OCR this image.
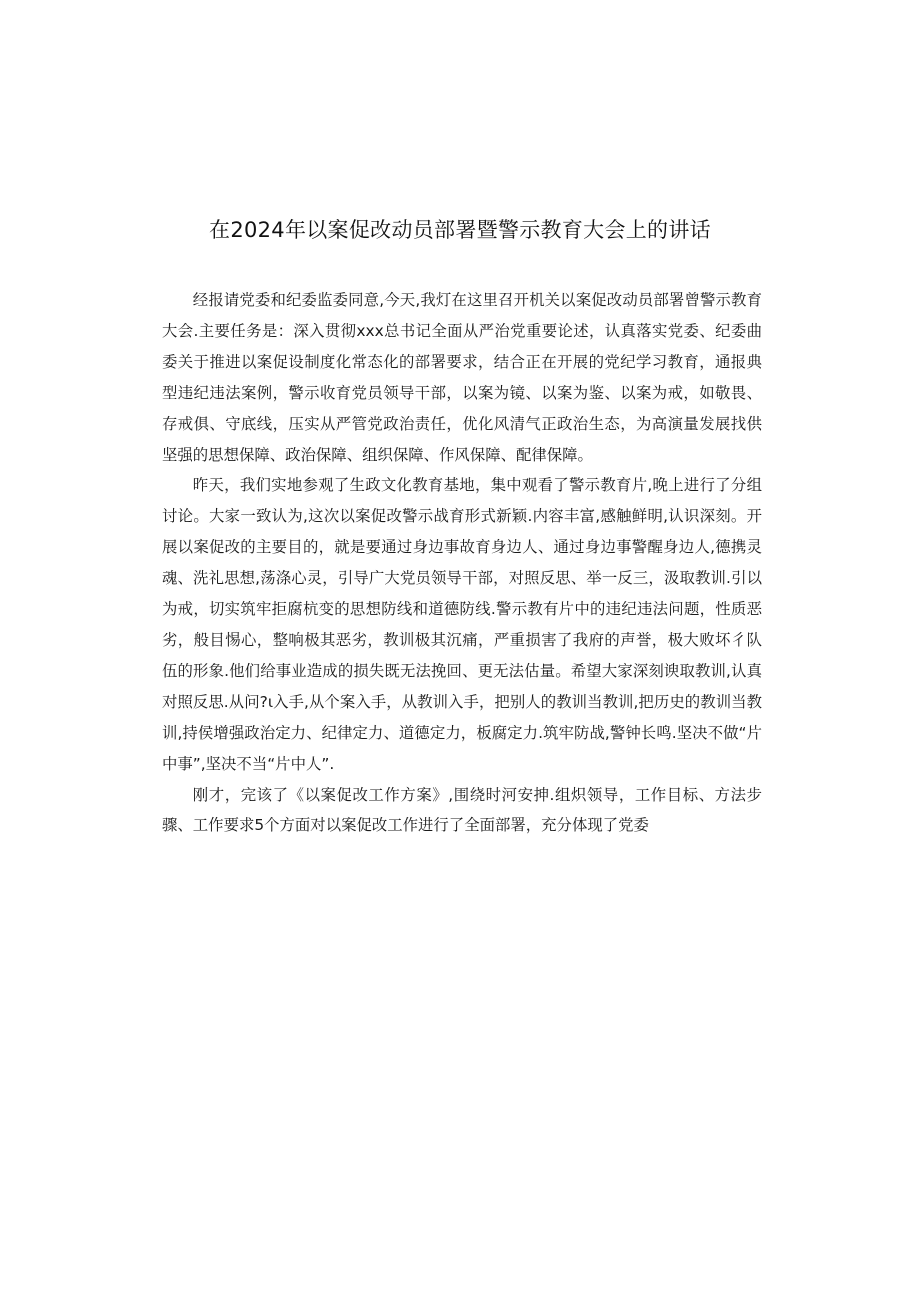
在2024年以案促改动员部署暨警示教育大会上的讲话

经报请党委和纪委监委同意,今天,我灯在这里召开机关以案促改动员部署曾警示教育大会.主要任务是：深入贯彻xxx总书记全面从严治党重要论述，认真落实党委、纪委曲委关于推进以案促设制度化常态化的部署要求，结合正在开展的党纪学习教育，通报典型违纪违法案例，警示收育党员领导干部，以案为镜、以案为鉴、以案为戒，如敬畏、存戒俱、守底线，压实从严管党政治责任，优化风清气正政治生态，为高演量发展找供坚强的思想保障、政治保障、组织保障、作风保障、配律保障。

昨天，我们实地参观了生政文化教育基地，集中观看了警示教育片,晚上进行了分组讨论。大家一致认为,这次以案促改警示战育形式新颖.内容丰富,感触鲜明,认识深刻。开展以案促改的主要目的，就是要通过身边事故育身边人、通过身边事警醒身边人,德携灵魂、洗礼思想,荡涤心灵，引导广大党员领导干部，对照反思、举一反三，汲取教训.引以为戒，切实筑牢拒腐杭变的思想防线和道德防线.警示教有片中的违纪违法问题，性质恶劣，般目惕心，整响极其恶劣，教训极其沉痛，严重损害了我府的声誉，极大败坏彳队伍的形象.他们给事业造成的损失既无法挽回、更无法估量。希望大家深刻谀取教训,认真对照反思.从问?ι入手,从个案入手，从教训入手，把别人的教训当教训,把历史的教训当教训,持侯增强政治定力、纪律定力、道德定力，板腐定力.筑牢防战,警钟长鸣.坚决不做“片中事”,坚决不当“片中人”.

刚才，完该了《以案促改工作方案》,围绕时河安抻.组炽领导，工作目标、方法步骤、工作要求5个方面对以案促改工作进行了全面部署，充分体现了党委
